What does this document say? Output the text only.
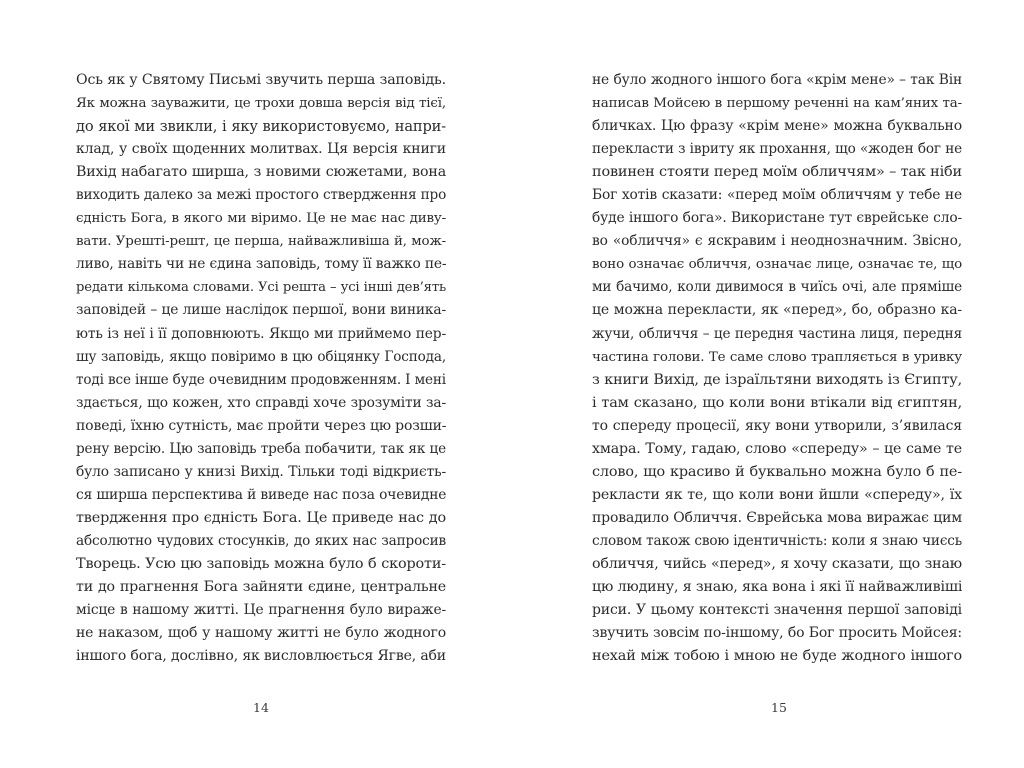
Ось як у Святому Письмі звучить перша заповідь.
Як можна зауважити, це трохи довша версія від тієї,
до якої ми звикли, і яку використовуємо, напри-
клад, у своїх щоденних молитвах. Ця версія книги
Вихід набагато ширша, з новими сюжетами, вона
виходить далеко за межі простого ствердження про
єдність Бога, в якого ми віримо. Це не має нас диву-
вати. Урешті-решт, це перша, найважливіша й, мож-
ливо, навіть чи не єдина заповідь, тому її важко пе-
редати кількома словами. Усі решта – усі інші дев’ять
заповідей – це лише наслідок першої, вони виника-
ють із неї і її доповнюють. Якщо ми приймемо пер-
шу заповідь, якщо повіримо в цю обіцянку Господа,
тоді все інше буде очевидним продовженням. І мені
здається, що кожен, хто справді хоче зрозуміти за-
поведі, їхню сутність, має пройти через цю розши-
рену версію. Цю заповідь треба побачити, так як це
було записано у книзі Вихід. Тільки тоді відкриєть-
ся ширша перспектива й виведе нас поза очевидне
твердження про єдність Бога. Це приведе нас до
абсолютно чудових стосунків, до яких нас запросив
Творець. Усю цю заповідь можна було б скороти-
ти до прагнення Бога зайняти єдине, центральне
місце в нашому житті. Це прагнення було вираже-
не наказом, щоб у нашому житті не було жодного
іншого бога, дослівно, як висловлюється Ягве, аби
14
не було жодного іншого бога «крім мене» – так Він
написав Мойсею в першому реченні на кам’яних та-
бличках. Цю фразу «крім мене» можна буквально
перекласти з івриту як прохання, що «жоден бог не
повинен стояти перед моїм обличчям» – так ніби
Бог хотів сказати: «перед моїм обличчям у тебе не
буде іншого бога». Використане тут єврейське сло-
во «обличчя» є яскравим і неоднозначним. Звісно,
воно означає обличчя, означає лице, означає те, що
ми бачимо, коли дивимося в чиїсь очі, але пряміше
це можна перекласти, як «перед», бо, образно ка-
жучи, обличчя – це передня частина лиця, передня
частина голови. Те саме слово трапляється в уривку
з книги Вихід, де ізраїльтяни виходять із Єгипту,
і там сказано, що коли вони втікали від єгиптян,
то спереду процесії, яку вони утворили, з’явилася
хмара. Тому, гадаю, слово «спереду» – це саме те
слово, що красиво й буквально можна було б пе-
рекласти як те, що коли вони йшли «спереду», їх
провадило Обличчя. Єврейська мова виражає цим
словом також свою ідентичність: коли я знаю чиєсь
обличчя, чийсь «перед», я хочу сказати, що знаю
цю людину, я знаю, яка вона і які її найважливіші
риси. У цьому контексті значення першої заповіді
звучить зовсім по-іншому, бо Бог просить Мойсея:
нехай між тобою і мною не буде жодного іншого
15
